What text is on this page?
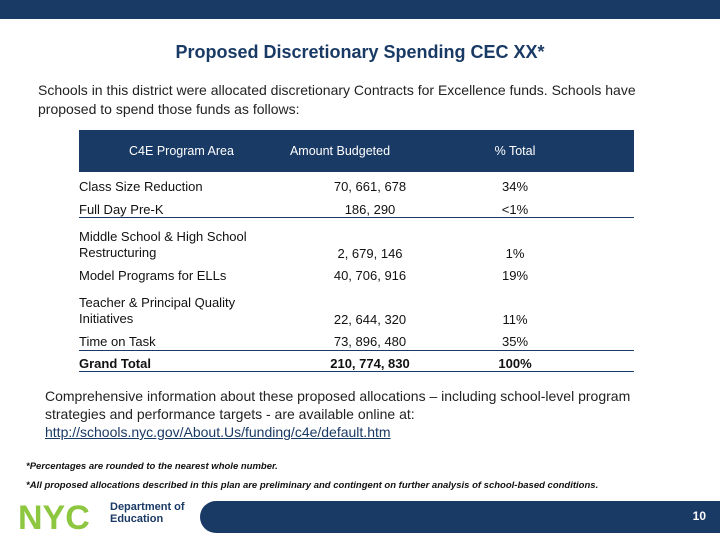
Proposed Discretionary Spending CEC XX*
Schools in this district were allocated discretionary Contracts for Excellence funds. Schools have proposed to spend those funds as follows:
C4E Program Area	Amount Budgeted	% Total
Class Size Reduction	70, 661, 678	34%
Full Day Pre-K	186, 290	<1%
Middle School & High School Restructuring	2, 679, 146	1%
Model Programs for ELLs	40, 706, 916	19%
Teacher & Principal Quality Initiatives	22, 644, 320	11%
Time on Task	73, 896, 480	35%
Grand Total	210, 774, 830	100%
Comprehensive information about these proposed allocations – including school-level program strategies and performance targets - are available online at:
http://schools.nyc.gov/About.Us/funding/c4e/default.htm
*Percentages are rounded to the nearest whole number.
*All proposed allocations described in this plan are preliminary and contingent on further analysis of school-based conditions.
NYC Department of
Education	10
